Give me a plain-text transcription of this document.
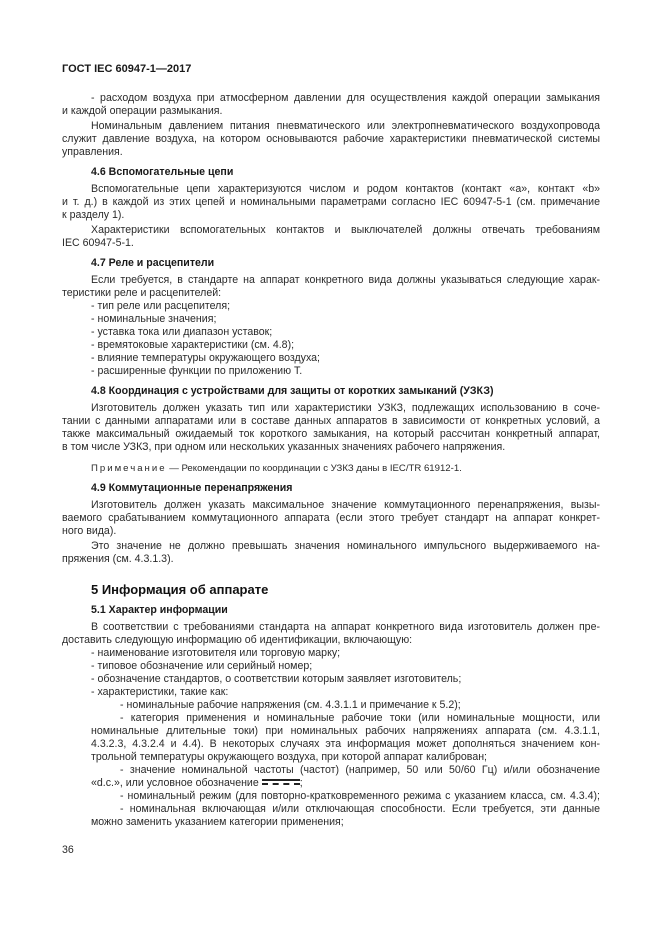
ГОСТ IEC 60947-1—2017
- расходом воздуха при атмосферном давлении для осуществления каждой операции замыкания
и каждой операции размыкания.
Номинальным давлением питания пневматического или электропневматического воздухопровода
служит давление воздуха, на котором основываются рабочие характеристики пневматической системы
управления.
4.6 Вспомогательные цепи
Вспомогательные цепи характеризуются числом и родом контактов (контакт «а», контакт «b»
и т. д.) в каждой из этих цепей и номинальными параметрами согласно IEC 60947-5-1 (см. примечание
к разделу 1).
Характеристики вспомогательных контактов и выключателей должны отвечать требованиям
IEC 60947-5-1.
4.7 Реле и расцепители
Если требуется, в стандарте на аппарат конкретного вида должны указываться следующие харак-
теристики реле и расцепителей:
- тип реле или расцепителя;
- номинальные значения;
- уставка тока или диапазон уставок;
- времятоковые характеристики (см. 4.8);
- влияние температуры окружающего воздуха;
- расширенные функции по приложению Т.
4.8 Координация с устройствами для защиты от коротких замыканий (УЗКЗ)
Изготовитель должен указать тип или характеристики УЗКЗ, подлежащих использованию в соче-
тании с данными аппаратами или в составе данных аппаратов в зависимости от конкретных условий, а
также максимальный ожидаемый ток короткого замыкания, на который рассчитан конкретный аппарат,
в том числе УЗКЗ, при одном или нескольких указанных значениях рабочего напряжения.
Примечание — Рекомендации по координации с УЗКЗ даны в IEC/TR 61912-1.
4.9 Коммутационные перенапряжения
Изготовитель должен указать максимальное значение коммутационного перенапряжения, вызы-
ваемого срабатыванием коммутационного аппарата (если этого требует стандарт на аппарат конкрет-
ного вида).
Это значение не должно превышать значения номинального импульсного выдерживаемого на-
пряжения (см. 4.3.1.3).
5 Информация об аппарате
5.1 Характер информации
В соответствии с требованиями стандарта на аппарат конкретного вида изготовитель должен пре-
доставить следующую информацию об идентификации, включающую:
- наименование изготовителя или торговую марку;
- типовое обозначение или серийный номер;
- обозначение стандартов, о соответствии которым заявляет изготовитель;
- характеристики, такие как:
- номинальные рабочие напряжения (см. 4.3.1.1 и примечание к 5.2);
- категория применения и номинальные рабочие токи (или номинальные мощности, или
номинальные длительные токи) при номинальных рабочих напряжениях аппарата (см. 4.3.1.1,
4.3.2.3, 4.3.2.4 и 4.4). В некоторых случаях эта информация может дополняться значением кон-
трольной температуры окружающего воздуха, при которой аппарат калиброван;
- значение номинальной частоты (частот) (например, 50 или 50/60 Гц) и/или обозначение
«d.c.», или условное обозначение	;
- номинальный режим (для повторно-кратковременного режима с указанием класса, см. 4.3.4);
- номинальная включающая и/или отключающая способности. Если требуется, эти данные
можно заменить указанием категории применения;
36
